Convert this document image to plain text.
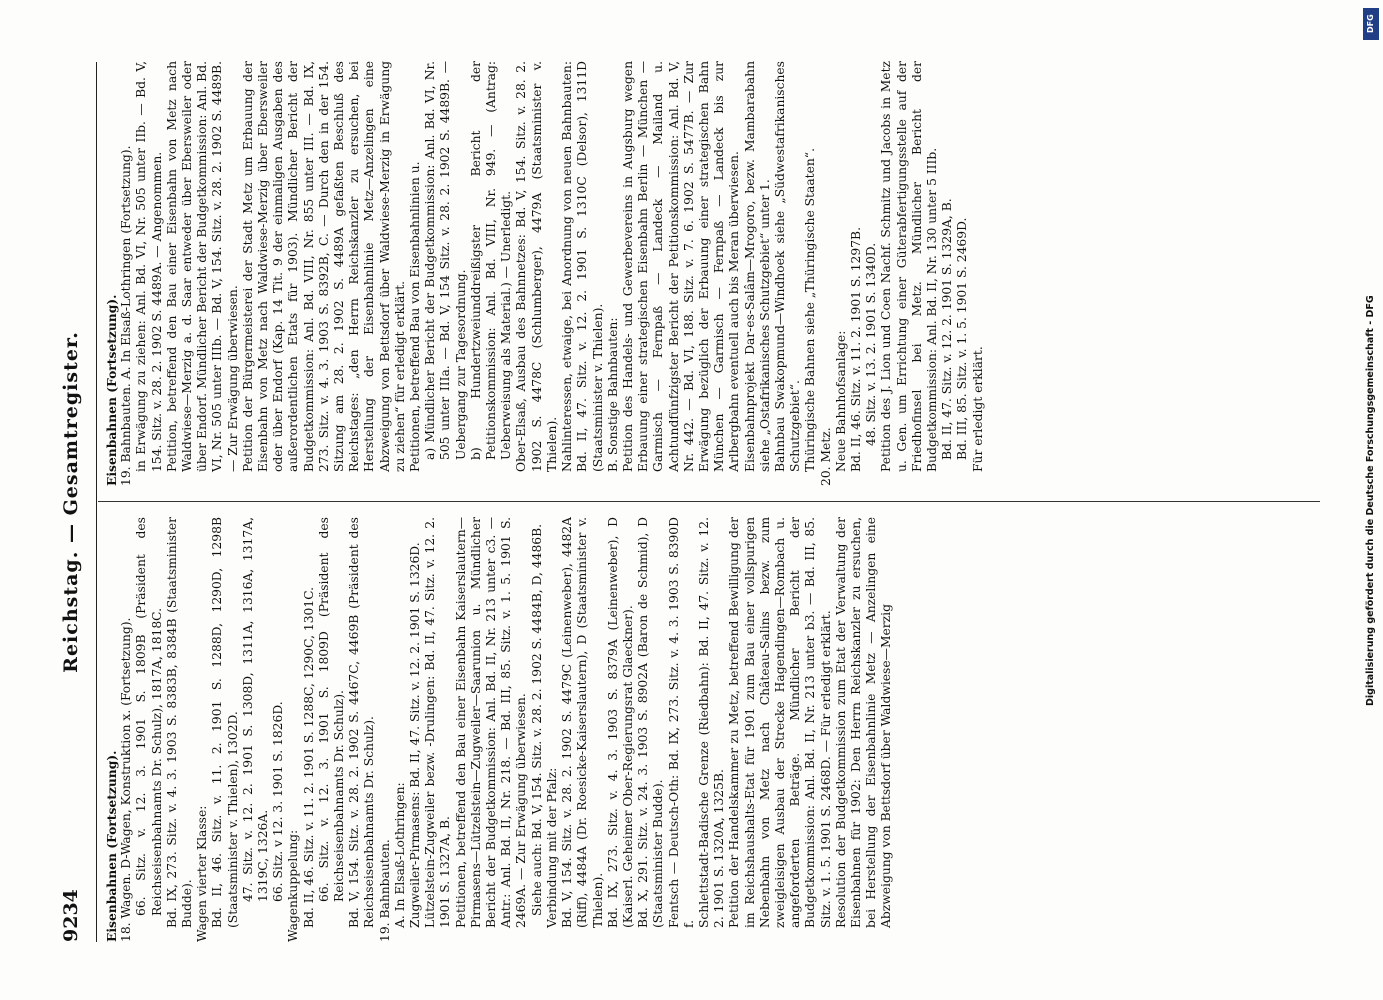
9234
Reichstag. — Gesamtregister.

Eisenbahnen (Fortsetzung). 18. Wagen. D-Wagen, Konstruktion x. (Fortsetzung). 66. Sitz. v. 12. 3. 1901 S. 1809B (Präsident des Reichseisenbahnamts Dr. Schulz), 1817A, 1818C. Bd. IX, 273. Sitz. v. 4. 3. 1903 S. 8383B, 8384B (Staatsminister Budde). Wagen vierter Klasse: Bd. II, 46. Sitz. v. 11. 2. 1901 S. 1288D, 1290D, 1298B (Staatsminister v. Thielen), 1302D. 47. Sitz. v. 12. 2. 1901 S. 1308D, 1311A, 1316A, 1317A, 1319C, 1326A. 66. Sitz. v 12. 3. 1901 S. 1826D. Wagenkuppelung: Bd. II, 46. Sitz. v. 11. 2. 1901 S. 1288C, 1290C, 1301C. 66. Sitz. v. 12. 3. 1901 S. 1809D (Präsident des Reichseisenbahnamts Dr. Schulz). Bd. V, 154. Sitz. v. 28. 2. 1902 S. 4467C, 4469B (Präsident des Reichseisenbahnamts Dr. Schulz). 19. Bahnbauten. A. In Elsaß-Lothringen: Zugweiler-Pirmasens: Bd. II, 47. Sitz. v. 12. 2. 1901 S. 1326D. Lützelstein-Zugweiler bezw. -Drulingen: Bd. II, 47. Sitz. v. 12. 2. 1901 S. 1327A, B. Petitionen, betreffend den Bau einer Eisenbahn Kaiserslautern—Pirmasens—Lützelstein—Zugweiler—Saarunion u. Mündlicher Bericht der Budgetkommission: Anl. Bd. II, Nr. 213 unter c3. — Antr.: Anl. Bd. II, Nr. 218. — Bd. III, 85. Sitz. v. 1. 5. 1901 S. 2469A. — Zur Erwägung überwiesen. Siehe auch: Bd. V, 154. Sitz. v. 28. 2. 1902 S. 4484B, D, 4486B. Verbindung mit der Pfalz: Bd. V, 154. Sitz. v. 28. 2. 1902 S. 4479C (Leinenweber), 4482A (Riff), 4484A (Dr. Roesicke-Kaiserslautern), D (Staatsminister v. Thielen). Bd. IX, 273. Sitz. v. 4. 3. 1903 S. 8379A (Leinenweber), D (Kaiserl. Geheimer Ober-Regierungsrat Glaeckner). Bd. X, 291. Sitz. v. 24. 3. 1903 S. 8902A (Baron de Schmid), D (Staatsminister Budde). Fentsch — Deutsch-Oth: Bd. IX, 273. Sitz. v. 4. 3. 1903 S. 8390D f. Schlettstadt-Badische Grenze (Riedbahn): Bd. II, 47. Sitz. v. 12. 2. 1901 S. 1320A, 1325B. Petition der Handelskammer zu Metz, betreffend Bewilligung der im Reichshaushalts-Etat für 1901 zum Bau einer vollspurigen Nebenbahn von Metz nach Château-Salins bezw. zum zweigleisigen Ausbau der Strecke Hagendingen—Rombach u. angeforderten Beträge. Mündlicher Bericht der Budgetkommission: Anl. Bd. II, Nr. 213 unter b3. — Bd. III, 85. Sitz. v. 1. 5. 1901 S. 2468D. — Für erledigt erklärt. Resolution der Budgetkommission zum Etat der Verwaltung der Eisenbahnen für 1902: Den Herrn Reichskanzler zu ersuchen, bei Herstellung der Eisenbahnlinie Metz — Anzelingen eine Abzweigung von Bettsdorf über Waldwiese—Merzig

Eisenbahnen (Fortsetzung). 19. Bahnbauten. A. In Elsaß-Lothringen (Fortsetzung). in Erwägung zu ziehen: Anl. Bd. VI, Nr. 505 unter IIb. — Bd. V, 154. Sitz. v. 28. 2. 1902 S. 4489A. — Angenommen. Petition, betreffend den Bau einer Eisenbahn von Metz nach Waldwiese—Merzig a. d. Saar entweder über Ebersweiler oder über Endorf. Mündlicher Bericht der Budgetkommission: Anl. Bd. VI, Nr. 505 unter IIIb. — Bd. V, 154. Sitz. v. 28. 2. 1902 S. 4489B. — Zur Erwägung überwiesen. Petition der Bürgermeisterei der Stadt Metz um Erbauung der Eisenbahn von Metz nach Waldwiese-Merzig über Ebersweiler oder über Endorf (Kap. 14 Tit. 9 der einmaligen Ausgaben des außerordentlichen Etats für 1903). Mündlicher Bericht der Budgetkommission: Anl. Bd. VIII, Nr. 855 unter III. — Bd. IX, 273. Sitz. v. 4. 3. 1903 S. 8392B, C. — Durch den in der 154. Sitzung am 28. 2. 1902 S. 4489A gefaßten Beschluß des Reichstages: „den Herrn Reichskanzler zu ersuchen, bei Herstellung der Eisenbahnlinie Metz—Anzelingen eine Abzweigung von Bettsdorf über Waldwiese-Merzig in Erwägung zu ziehen“ für erledigt erklärt. Petitionen, betreffend Bau von Eisenbahnlinien u. a) Mündlicher Bericht der Budgetkommission: Anl. Bd. VI, Nr. 505 unter IIIa. — Bd. V, 154 Sitz. v. 28. 2. 1902 S. 4489B. — Uebergang zur Tagesordnung. b) Hundertzweiunddreißigster Bericht der Petitionskommission: Anl. Bd. VIII, Nr. 949. — (Antrag: Ueberweisung als Material.) — Unerledigt. Ober-Elsaß, Ausbau des Bahnnetzes: Bd. V, 154. Sitz. v. 28. 2. 1902 S. 4478C (Schlumberger), 4479A (Staatsminister v. Thielen). Nahlinteressen, etwaige, bei Anordnung von neuen Bahnbauten: Bd. II, 47. Sitz. v. 12. 2. 1901 S. 1310C (Delsor), 1311D (Staatsminister v. Thielen). B. Sonstige Bahnbauten: Petition des Handels- und Gewerbevereins in Augsburg wegen Erbauung einer strategischen Eisenbahn Berlin — München — Garmisch — Fernpaß — Landeck — Mailand u. Achtundfünfzigster Bericht der Petitionskommission: Anl. Bd. V, Nr. 442. — Bd. VI, 188. Sitz. v. 7. 6. 1902 S. 5477B. — Zur Erwägung bezüglich der Erbauung einer strategischen Bahn München — Garmisch — Fernpaß — Landeck bis zur Arlbergbahn eventuell auch bis Meran überwiesen. Eisenbahnprojekt Dar-es-Salâm—Mrogoro, bezw. Mambarabahn siehe „Ostafrikanisches Schutzgebiet“ unter 1. Bahnbau Swakopmund—Windhoek siehe „Südwestafrikanisches Schutzgebiet“. Thüringische Bahnen siehe „Thüringische Staaten“. 20. Metz. Neue Bahnhofsanlage: Bd. II, 46. Sitz. v. 11. 2. 1901 S. 1297B. 48. Sitz. v. 13. 2. 1901 S. 1340D. Petition des J. Lion und Coen Nachf. Schmitz und Jacobs in Metz u. Gen. um Errichtung einer Güterabfertigungsstelle auf der Friedhofinsel bei Metz. Mündlicher Bericht der Budgetkommission: Anl. Bd. II, Nr. 130 unter 5 IIIb. Bd. II, 47. Sitz. v. 12. 2. 1901 S. 1329A, B. Bd. III, 85. Sitz. v. 1. 5. 1901 S. 2469D. Für erledigt erklärt.

DFG
Digitalisierung gefördert durch die Deutsche Forschungsgemeinschaft - DFG
